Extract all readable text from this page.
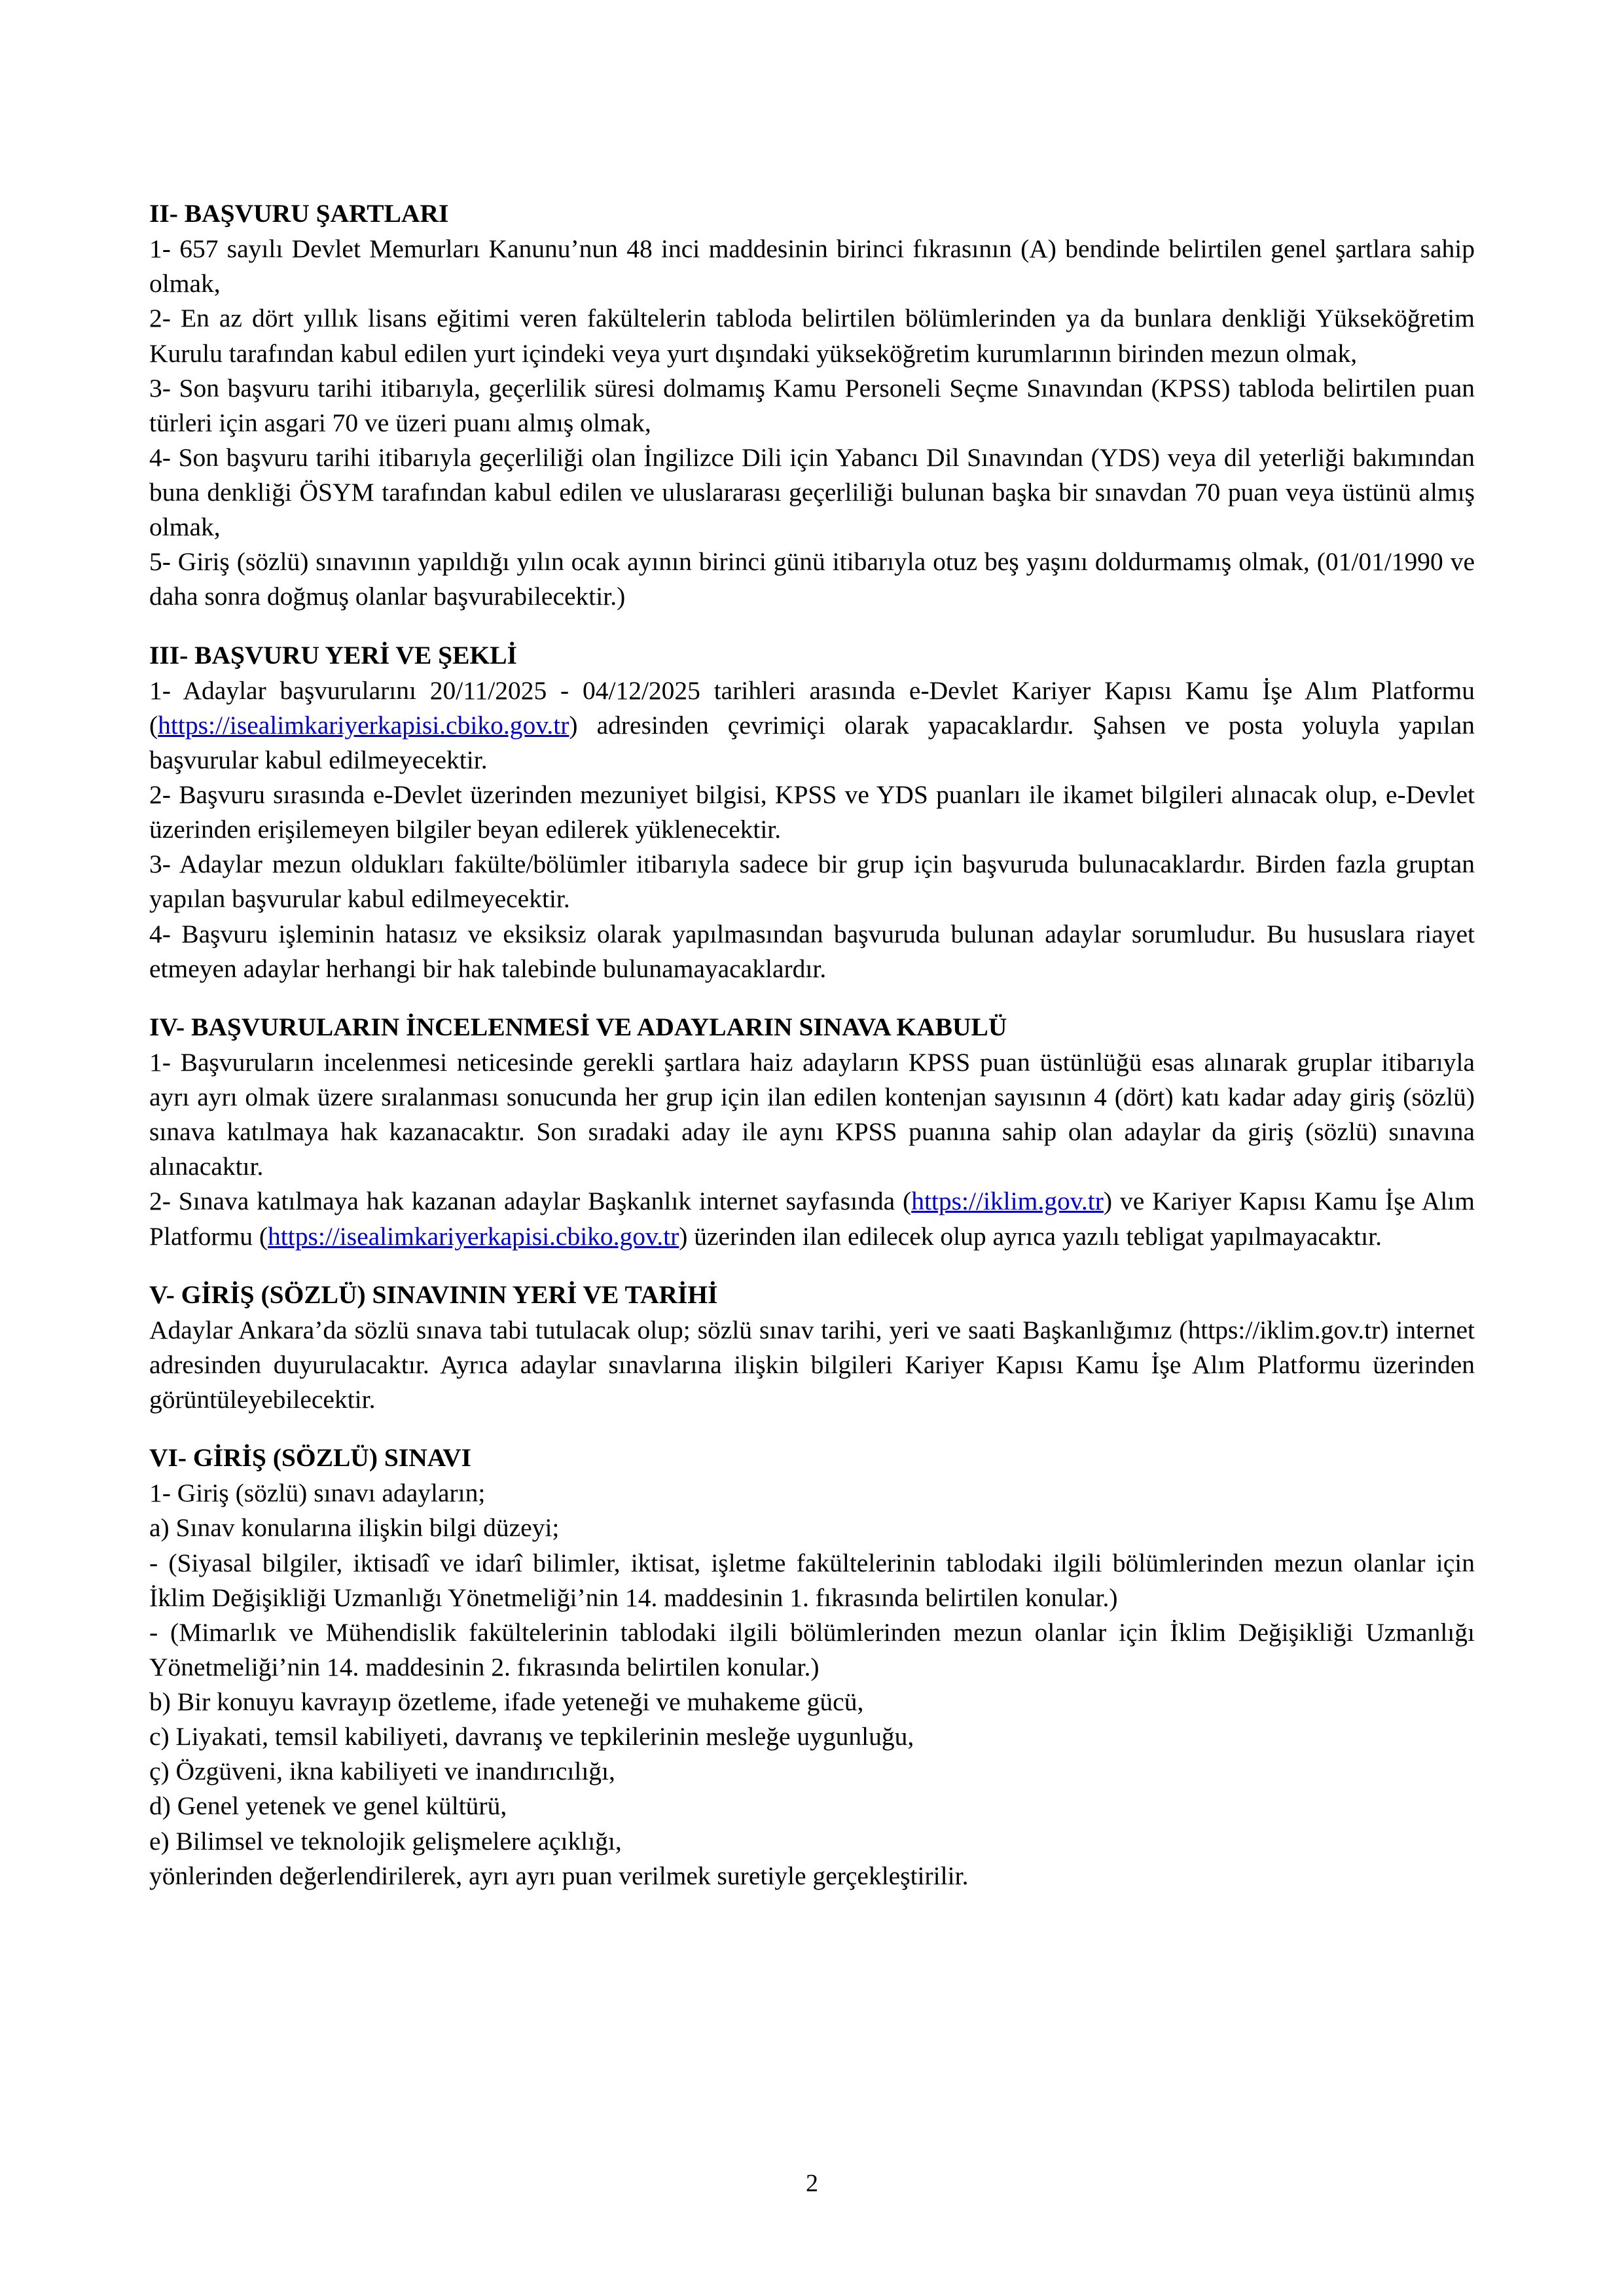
II- BAŞVURU ŞARTLARI

1- 657 sayılı Devlet Memurları Kanunu’nun 48 inci maddesinin birinci fıkrasının (A) bendinde belirtilen genel şartlara sahip olmak,

2- En az dört yıllık lisans eğitimi veren fakültelerin tabloda belirtilen bölümlerinden ya da bunlara denkliği Yükseköğretim Kurulu tarafından kabul edilen yurt içindeki veya yurt dışındaki yükseköğretim kurumlarının birinden mezun olmak,

3- Son başvuru tarihi itibarıyla, geçerlilik süresi dolmamış Kamu Personeli Seçme Sınavından (KPSS) tabloda belirtilen puan türleri için asgari 70 ve üzeri puanı almış olmak,

4- Son başvuru tarihi itibarıyla geçerliliği olan İngilizce Dili için Yabancı Dil Sınavından (YDS) veya dil yeterliği bakımından buna denkliği ÖSYM tarafından kabul edilen ve uluslararası geçerliliği bulunan başka bir sınavdan 70 puan veya üstünü almış olmak,

5- Giriş (sözlü) sınavının yapıldığı yılın ocak ayının birinci günü itibarıyla otuz beş yaşını doldurmamış olmak, (01/01/1990 ve daha sonra doğmuş olanlar başvurabilecektir.)

III- BAŞVURU YERİ VE ŞEKLİ

1- Adaylar başvurularını 20/11/2025 - 04/12/2025 tarihleri arasında e-Devlet Kariyer Kapısı Kamu İşe Alım Platformu (https://isealimkariyerkapisi.cbiko.gov.tr) adresinden çevrimiçi olarak yapacaklardır. Şahsen ve posta yoluyla yapılan başvurular kabul edilmeyecektir.

2- Başvuru sırasında e-Devlet üzerinden mezuniyet bilgisi, KPSS ve YDS puanları ile ikamet bilgileri alınacak olup, e-Devlet üzerinden erişilemeyen bilgiler beyan edilerek yüklenecektir.

3- Adaylar mezun oldukları fakülte/bölümler itibarıyla sadece bir grup için başvuruda bulunacaklardır. Birden fazla gruptan yapılan başvurular kabul edilmeyecektir.

4- Başvuru işleminin hatasız ve eksiksiz olarak yapılmasından başvuruda bulunan adaylar sorumludur. Bu hususlara riayet etmeyen adaylar herhangi bir hak talebinde bulunamayacaklardır.

IV- BAŞVURULARIN İNCELENMESİ VE ADAYLARIN SINAVA KABULÜ

1- Başvuruların incelenmesi neticesinde gerekli şartlara haiz adayların KPSS puan üstünlüğü esas alınarak gruplar itibarıyla ayrı ayrı olmak üzere sıralanması sonucunda her grup için ilan edilen kontenjan sayısının 4 (dört) katı kadar aday giriş (sözlü) sınava katılmaya hak kazanacaktır. Son sıradaki aday ile aynı KPSS puanına sahip olan adaylar da giriş (sözlü) sınavına alınacaktır.

2- Sınava katılmaya hak kazanan adaylar Başkanlık internet sayfasında (https://iklim.gov.tr) ve Kariyer Kapısı Kamu İşe Alım Platformu (https://isealimkariyerkapisi.cbiko.gov.tr) üzerinden ilan edilecek olup ayrıca yazılı tebligat yapılmayacaktır.

V- GİRİŞ (SÖZLÜ) SINAVININ YERİ VE TARİHİ

Adaylar Ankara’da sözlü sınava tabi tutulacak olup; sözlü sınav tarihi, yeri ve saati Başkanlığımız (https://iklim.gov.tr) internet adresinden duyurulacaktır. Ayrıca adaylar sınavlarına ilişkin bilgileri Kariyer Kapısı Kamu İşe Alım Platformu üzerinden görüntüleyebilecektir.

VI- GİRİŞ (SÖZLÜ) SINAVI

1- Giriş (sözlü) sınavı adayların;

a) Sınav konularına ilişkin bilgi düzeyi;

- (Siyasal bilgiler, iktisadî ve idarî bilimler, iktisat, işletme fakültelerinin tablodaki ilgili bölümlerinden mezun olanlar için İklim Değişikliği Uzmanlığı Yönetmeliği’nin 14. maddesinin 1. fıkrasında belirtilen konular.)

- (Mimarlık ve Mühendislik fakültelerinin tablodaki ilgili bölümlerinden mezun olanlar için İklim Değişikliği Uzmanlığı Yönetmeliği’nin 14. maddesinin 2. fıkrasında belirtilen konular.)

b) Bir konuyu kavrayıp özetleme, ifade yeteneği ve muhakeme gücü,

c) Liyakati, temsil kabiliyeti, davranış ve tepkilerinin mesleğe uygunluğu,

ç) Özgüveni, ikna kabiliyeti ve inandırıcılığı,

d) Genel yetenek ve genel kültürü,

e) Bilimsel ve teknolojik gelişmelere açıklığı,

yönlerinden değerlendirilerek, ayrı ayrı puan verilmek suretiyle gerçekleştirilir.

2
